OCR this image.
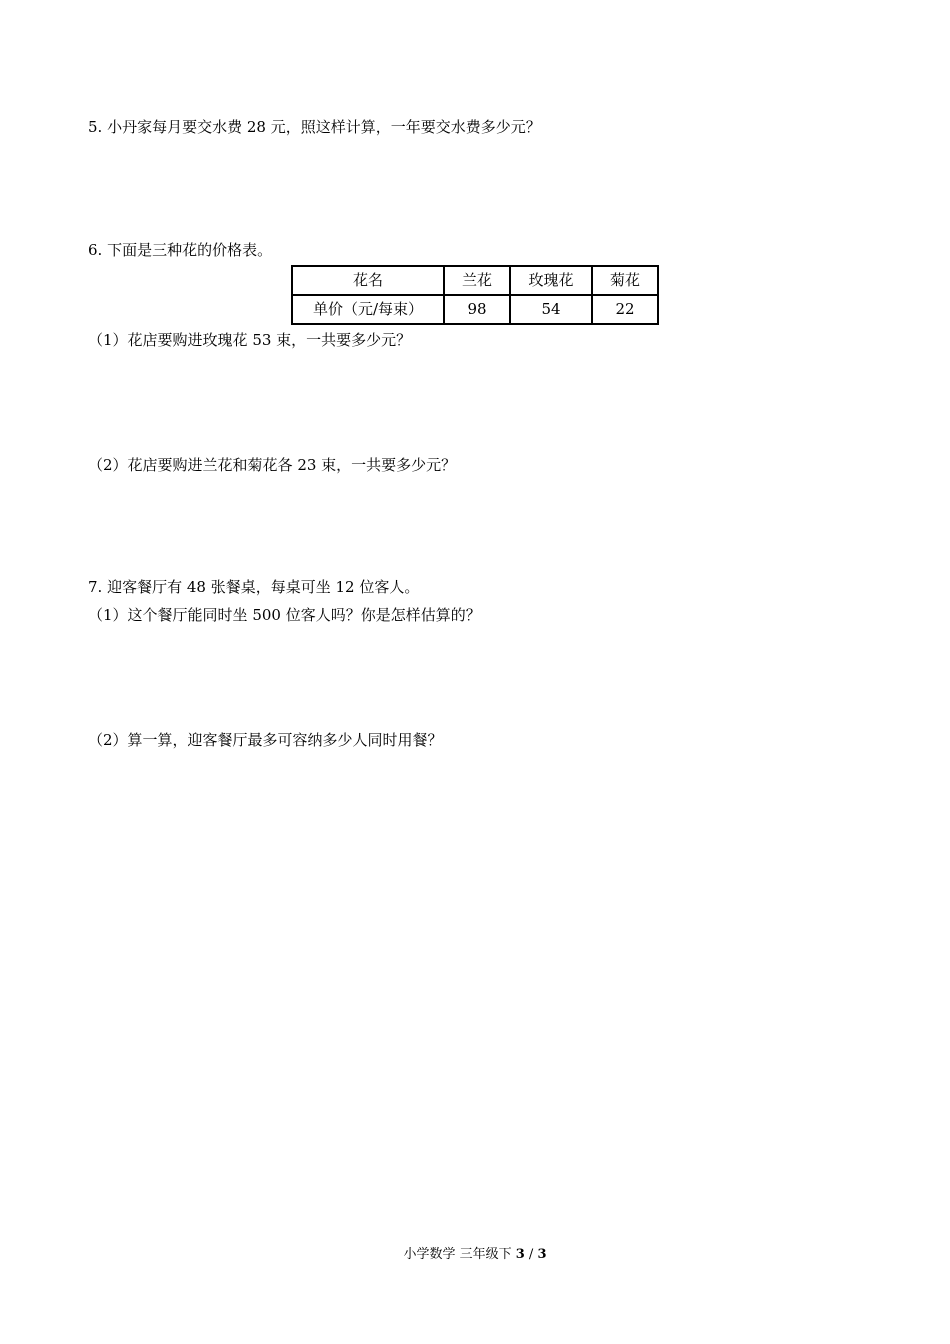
5. 小丹家每月要交水费 28 元，照这样计算，一年要交水费多少元？
6. 下面是三种花的价格表。
花名	兰花	玫瑰花	菊花
单价（元/每束）	98	54	22
（1）花店要购进玫瑰花 53 束，一共要多少元？
（2）花店要购进兰花和菊花各 23 束，一共要多少元？
7. 迎客餐厅有 48 张餐桌，每桌可坐 12 位客人。
（1）这个餐厅能同时坐 500 位客人吗？你是怎样估算的？
（2）算一算，迎客餐厅最多可容纳多少人同时用餐？
小学数学 三年级下 3 / 3
